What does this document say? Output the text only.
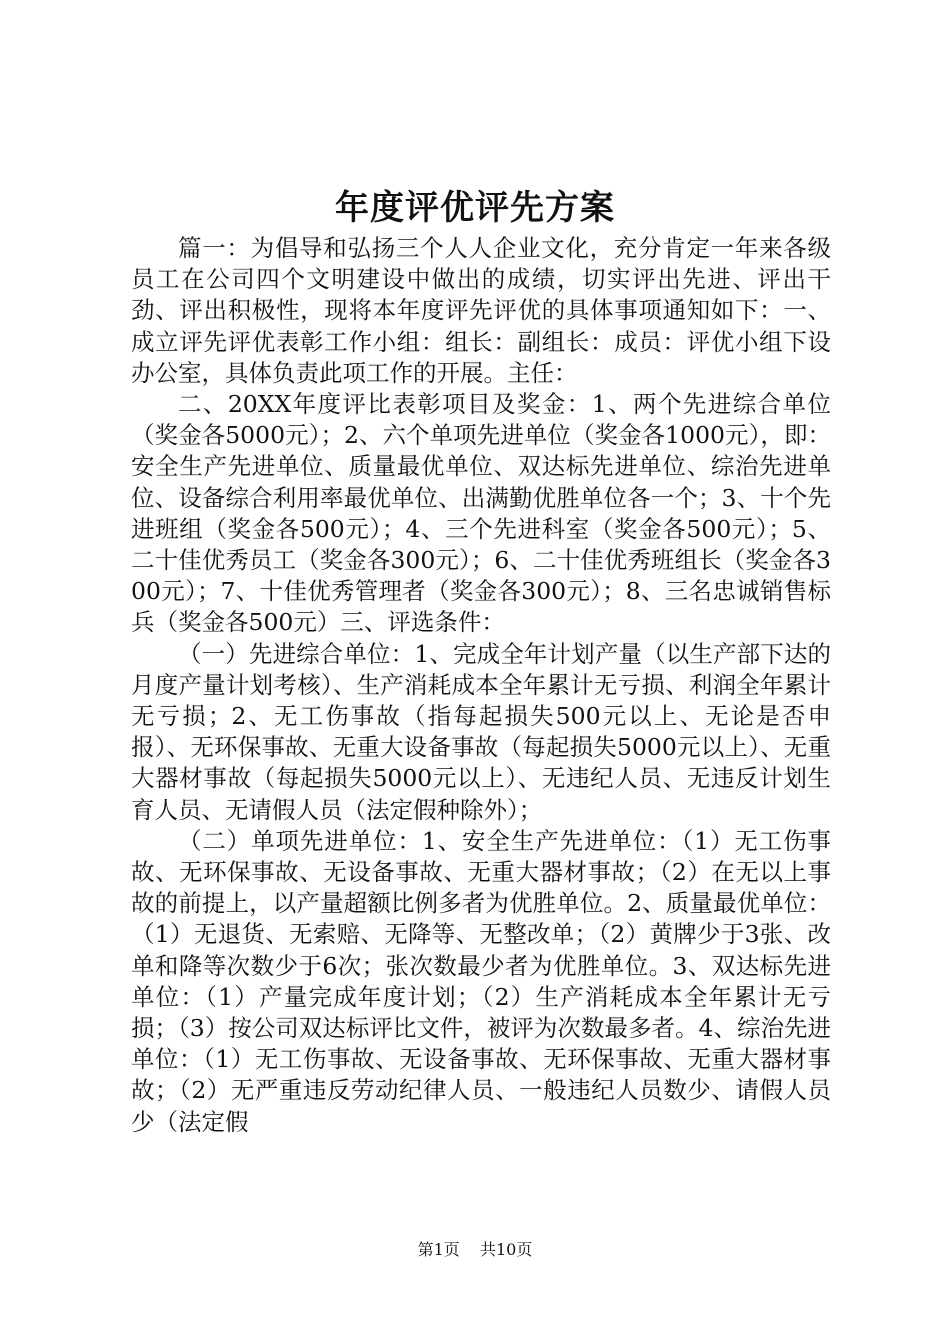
年度评优评先方案

篇一：为倡导和弘扬三个人人企业文化，充分肯定一年来各级员工在公司四个文明建设中做出的成绩，切实评出先进、评出干劲、评出积极性，现将本年度评先评优的具体事项通知如下：一、成立评先评优表彰工作小组：组长：副组长：成员：评优小组下设办公室，具体负责此项工作的开展。主任：

二、20XX年度评比表彰项目及奖金：1、两个先进综合单位（奖金各5000元）；2、六个单项先进单位（奖金各1000元），即：安全生产先进单位、质量最优单位、双达标先进单位、综治先进单位、设备综合利用率最优单位、出满勤优胜单位各一个；3、十个先进班组（奖金各500元）；4、三个先进科室（奖金各500元）；5、二十佳优秀员工（奖金各300元）；6、二十佳优秀班组长（奖金各300元）；7、十佳优秀管理者（奖金各300元）；8、三名忠诚销售标兵（奖金各500元）三、评选条件：

（一）先进综合单位：1、完成全年计划产量（以生产部下达的月度产量计划考核）、生产消耗成本全年累计无亏损、利润全年累计无亏损；2、无工伤事故（指每起损失500元以上、无论是否申报）、无环保事故、无重大设备事故（每起损失5000元以上）、无重大器材事故（每起损失5000元以上）、无违纪人员、无违反计划生育人员、无请假人员（法定假种除外）；

（二）单项先进单位：1、安全生产先进单位：（1）无工伤事故、无环保事故、无设备事故、无重大器材事故；（2）在无以上事故的前提上，以产量超额比例多者为优胜单位。2、质量最优单位：（1）无退货、无索赔、无降等、无整改单；（2）黄牌少于3张、改单和降等次数少于6次；张次数最少者为优胜单位。3、双达标先进单位：（1）产量完成年度计划；（2）生产消耗成本全年累计无亏损；（3）按公司双达标评比文件，被评为次数最多者。4、综治先进单位：（1）无工伤事故、无设备事故、无环保事故、无重大器材事故；（2）无严重违反劳动纪律人员、一般违纪人员数少、请假人员少（法定假

第1页 共10页
